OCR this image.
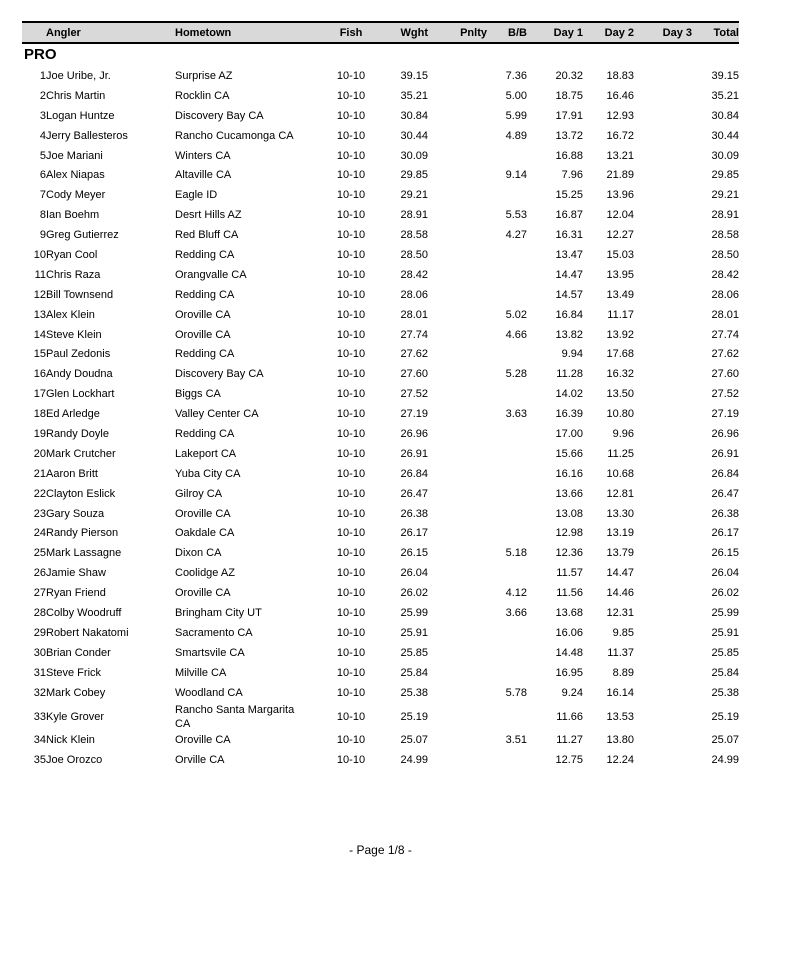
	Angler	Hometown	Fish	Wght	Pnlty	B/B	Day 1	Day 2	Day 3	Total
PRO										
1	Joe Uribe, Jr.	Surprise AZ	10-10	39.15		7.36	20.32	18.83		39.15
2	Chris Martin	Rocklin CA	10-10	35.21		5.00	18.75	16.46		35.21
3	Logan Huntze	Discovery Bay CA	10-10	30.84		5.99	17.91	12.93		30.84
4	Jerry Ballesteros	Rancho Cucamonga CA	10-10	30.44		4.89	13.72	16.72		30.44
5	Joe Mariani	Winters CA	10-10	30.09			16.88	13.21		30.09
6	Alex Niapas	Altaville CA	10-10	29.85		9.14	7.96	21.89		29.85
7	Cody Meyer	Eagle ID	10-10	29.21			15.25	13.96		29.21
8	Ian Boehm	Desrt Hills AZ	10-10	28.91		5.53	16.87	12.04		28.91
9	Greg Gutierrez	Red Bluff CA	10-10	28.58		4.27	16.31	12.27		28.58
10	Ryan Cool	Redding CA	10-10	28.50			13.47	15.03		28.50
11	Chris Raza	Orangvalle CA	10-10	28.42			14.47	13.95		28.42
12	Bill Townsend	Redding CA	10-10	28.06			14.57	13.49		28.06
13	Alex Klein	Oroville CA	10-10	28.01		5.02	16.84	11.17		28.01
14	Steve Klein	Oroville CA	10-10	27.74		4.66	13.82	13.92		27.74
15	Paul Zedonis	Redding CA	10-10	27.62			9.94	17.68		27.62
16	Andy Doudna	Discovery Bay CA	10-10	27.60		5.28	11.28	16.32		27.60
17	Glen Lockhart	Biggs CA	10-10	27.52			14.02	13.50		27.52
18	Ed Arledge	Valley Center CA	10-10	27.19		3.63	16.39	10.80		27.19
19	Randy Doyle	Redding CA	10-10	26.96			17.00	9.96		26.96
20	Mark Crutcher	Lakeport CA	10-10	26.91			15.66	11.25		26.91
21	Aaron Britt	Yuba City CA	10-10	26.84			16.16	10.68		26.84
22	Clayton Eslick	Gilroy CA	10-10	26.47			13.66	12.81		26.47
23	Gary Souza	Oroville CA	10-10	26.38			13.08	13.30		26.38
24	Randy Pierson	Oakdale CA	10-10	26.17			12.98	13.19		26.17
25	Mark Lassagne	Dixon CA	10-10	26.15		5.18	12.36	13.79		26.15
26	Jamie Shaw	Coolidge AZ	10-10	26.04			11.57	14.47		26.04
27	Ryan Friend	Oroville CA	10-10	26.02		4.12	11.56	14.46		26.02
28	Colby Woodruff	Bringham City UT	10-10	25.99		3.66	13.68	12.31		25.99
29	Robert Nakatomi	Sacramento CA	10-10	25.91			16.06	9.85		25.91
30	Brian Conder	Smartsvile CA	10-10	25.85			14.48	11.37		25.85
31	Steve Frick	Milville CA	10-10	25.84			16.95	8.89		25.84
32	Mark Cobey	Woodland CA	10-10	25.38		5.78	9.24	16.14		25.38
33	Kyle Grover	Rancho Santa Margarita CA	10-10	25.19			11.66	13.53		25.19
34	Nick Klein	Oroville CA	10-10	25.07		3.51	11.27	13.80		25.07
35	Joe Orozco	Orville CA	10-10	24.99			12.75	12.24		24.99
- Page 1/8 -
